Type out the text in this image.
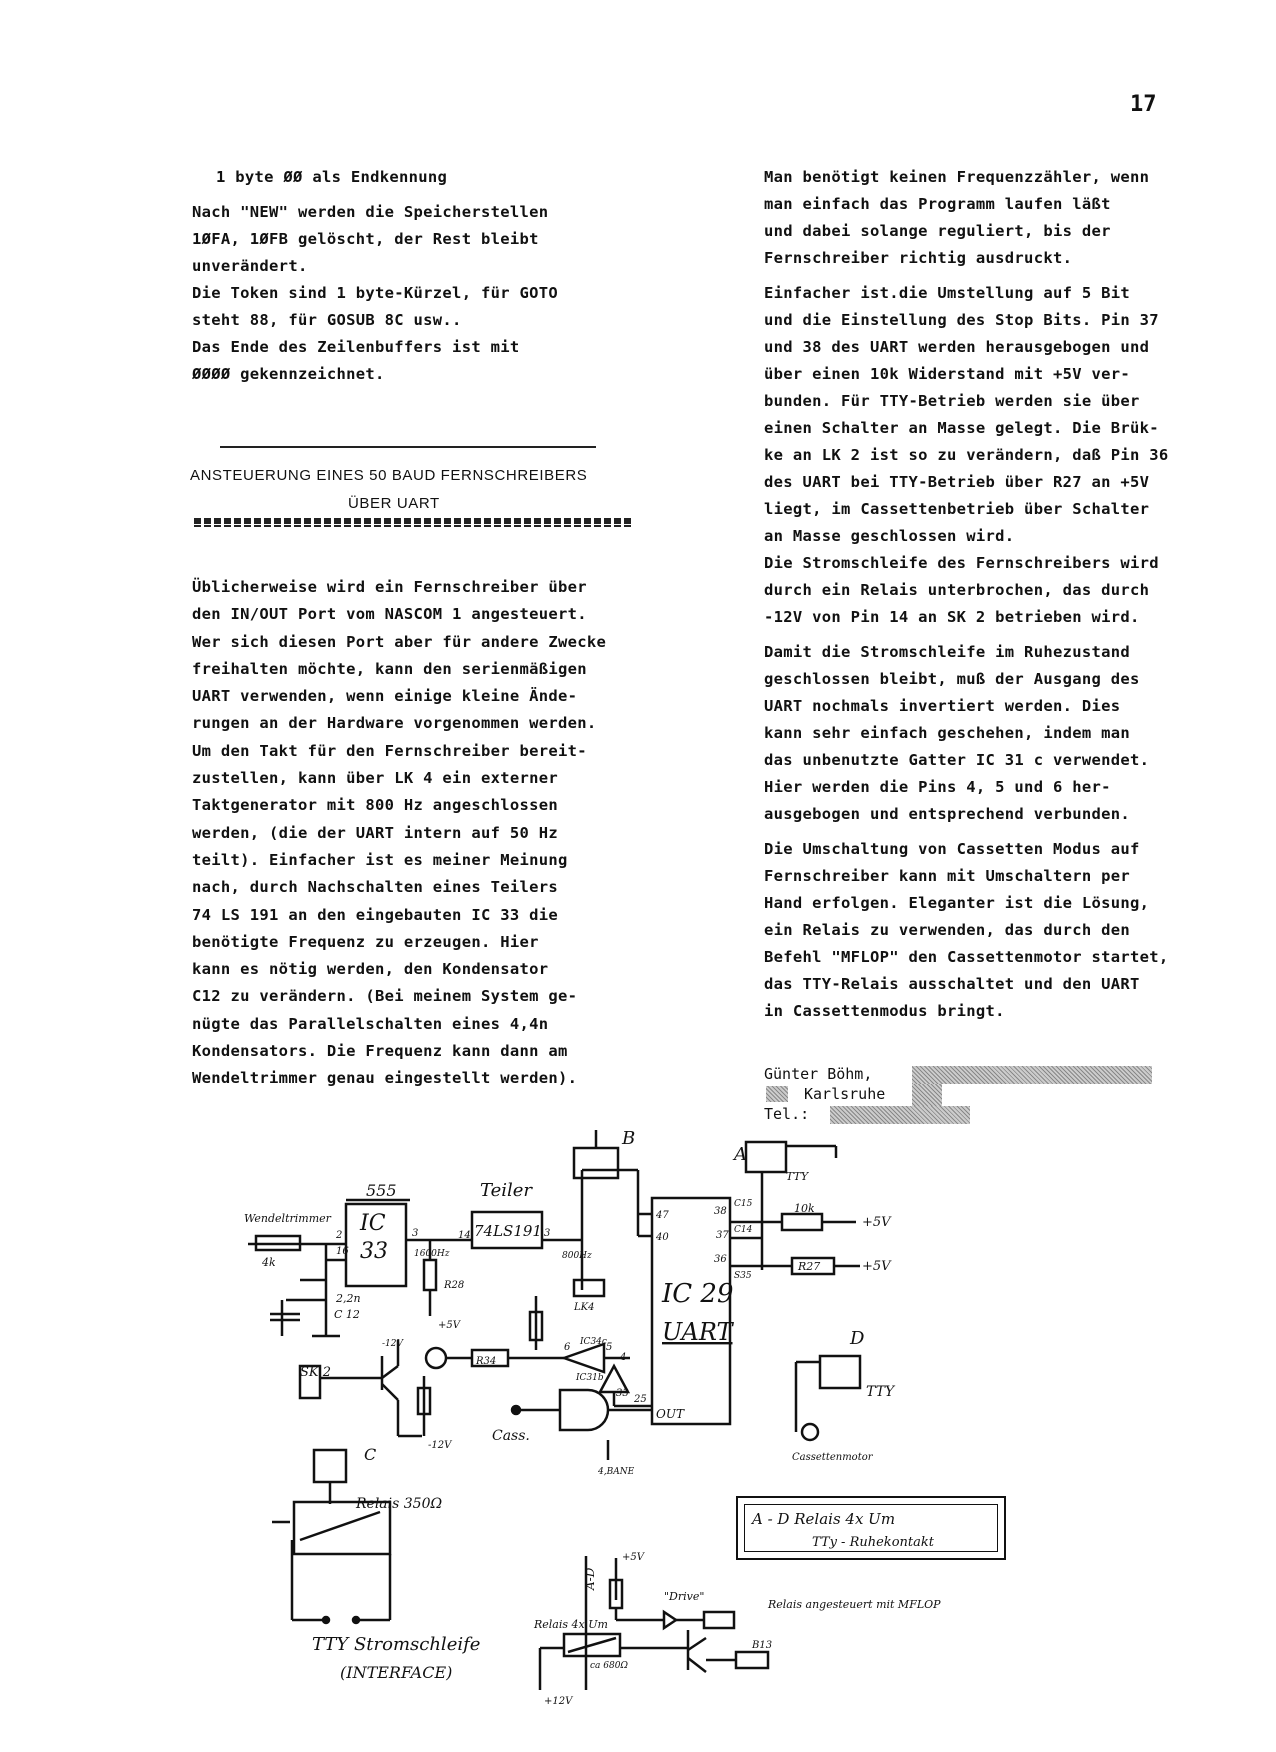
17

1 byte ØØ als Endkennung

Nach "NEW" werden die Speicherstellen
1ØFA, 1ØFB gelöscht, der Rest bleibt
unverändert.
Die Token sind 1 byte-Kürzel, für GOTO
steht 88, für GOSUB 8C usw..
Das Ende des Zeilenbuffers ist mit
ØØØØ gekennzeichnet.

ANSTEUERUNG EINES 50 BAUD FERNSCHREIBERS
ÜBER UART
Üblicherweise wird ein Fernschreiber über
den IN/OUT Port vom NASCOM 1 angesteuert.
Wer sich diesen Port aber für andere Zwecke
freihalten möchte, kann den serienmäßigen
UART verwenden, wenn einige kleine Ände-
rungen an der Hardware vorgenommen werden.
Um den Takt für den Fernschreiber bereit-
zustellen, kann über LK 4 ein externer
Taktgenerator mit 800 Hz angeschlossen
werden, (die der UART intern auf 50 Hz
teilt). Einfacher ist es meiner Meinung
nach, durch Nachschalten eines Teilers
74 LS 191 an den eingebauten IC 33 die
benötigte Frequenz zu erzeugen. Hier
kann es nötig werden, den Kondensator
C12 zu verändern. (Bei meinem System ge-
nügte das Parallelschalten eines 4,4n
Kondensators. Die Frequenz kann dann am
Wendeltrimmer genau eingestellt werden).

Man benötigt keinen Frequenzzähler, wenn
man einfach das Programm laufen läßt
und dabei solange reguliert, bis der
Fernschreiber richtig ausdruckt.

Einfacher ist.die Umstellung auf 5 Bit
und die Einstellung des Stop Bits. Pin 37
und 38 des UART werden herausgebogen und
über einen 10k Widerstand mit +5V ver-
bunden. Für TTY-Betrieb werden sie über
einen Schalter an Masse gelegt. Die Brük-
ke an LK 2 ist so zu verändern, daß Pin 36
des UART bei TTY-Betrieb über R27 an +5V
liegt, im Cassettenbetrieb über Schalter
an Masse geschlossen wird.
Die Stromschleife des Fernschreibers wird
durch ein Relais unterbrochen, das durch
-12V von Pin 14 an SK 2 betrieben wird.

Damit die Stromschleife im Ruhezustand
geschlossen bleibt, muß der Ausgang des
UART nochmals invertiert werden. Dies
kann sehr einfach geschehen, indem man
das unbenutzte Gatter IC 31 c verwendet.
Hier werden die Pins 4, 5 und 6 her-
ausgebogen und entsprechend verbunden.

Die Umschaltung von Cassetten Modus auf
Fernschreiber kann mit Umschaltern per
Hand erfolgen. Eleganter ist die Lösung,
ein Relais zu verwenden, das durch den
Befehl "MFLOP" den Cassettenmotor startet,
das TTY-Relais ausschaltet und den UART
in Cassettenmodus bringt.

Günter Böhm,
Karlsruhe
Tel.:
555
IC
33
Teiler
74LS191
IC 29
UART
Wendeltrimmer
4k
2,2n
C 12
1600Hz	800Hz
R28
+5V
R34
IC34c
IC31b
LK4
OUT
Cass.
A
B
C
D
TTY
TTY
10k
R27
+5V
+5V
SK 2
-12V
Relais 350Ω
TTY Stromschleife
(INTERFACE)
Cassettenmotor
A - D Relais 4x Um
TTy - Ruhekontakt
"Drive"
Relais angesteuert mit MFLOP
Relais 4x Um
ca 680Ω
B13
+12V
+5V
A-D
16
14
36
37
38
47
40
25
3	3
6
2
5
4
33
C15
C14
S35
-12V
4,BANE
